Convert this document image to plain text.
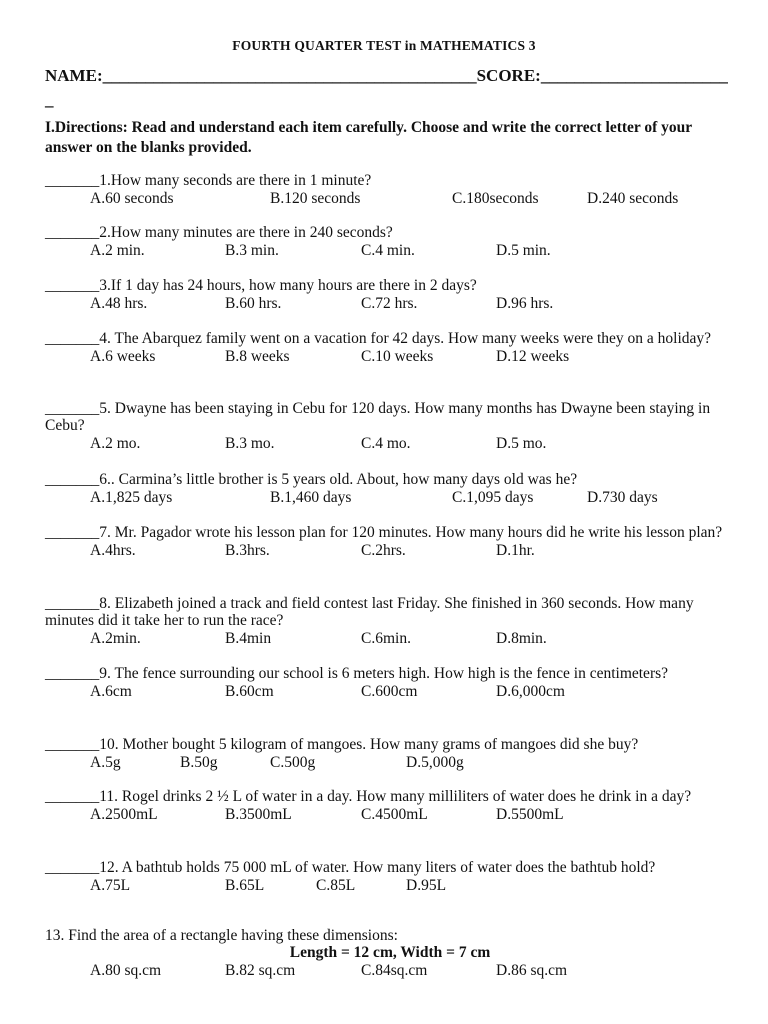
FOURTH QUARTER TEST in MATHEMATICS 3
NAME:____________________________________________SCORE:______________________
_
I.Directions: Read and understand each item carefully. Choose and write the correct letter of your answer on the blanks provided.
_______1.How many seconds are there in 1 minute?
A.60 seconds	B.120 seconds	C.180seconds	D.240 seconds
_______2.How many minutes are there in 240 seconds?
A.2 min.	B.3 min.	C.4 min.	D.5 min.
_______3.If 1 day has 24 hours, how many hours are there in 2 days?
A.48 hrs.	B.60 hrs.	C.72 hrs.	D.96 hrs.
_______4. The Abarquez family went on a vacation for 42 days. How many weeks were they on a holiday?
A.6 weeks	B.8 weeks	C.10 weeks	D.12 weeks
_______5. Dwayne has been staying in Cebu for 120 days. How many months has Dwayne been staying in Cebu?
A.2 mo.	B.3 mo.	C.4 mo.	D.5 mo.
_______6.. Carmina’s little brother is 5 years old. About, how many days old was he?
A.1,825 days	B.1,460 days	C.1,095 days	D.730 days
_______7. Mr. Pagador wrote his lesson plan for 120 minutes. How many hours did he write his lesson plan?
A.4hrs.	B.3hrs.	C.2hrs.	D.1hr.
_______8. Elizabeth joined a track and field contest last Friday. She finished in 360 seconds. How many minutes did it take her to run the race?
A.2min.	B.4min	C.6min.	D.8min.
_______9. The fence surrounding our school is 6 meters high. How high is the fence in centimeters?
A.6cm	B.60cm	C.600cm	D.6,000cm
_______10. Mother bought 5 kilogram of mangoes. How many grams of mangoes did she buy?
A.5g	B.50g	C.500g	D.5,000g
_______11. Rogel drinks 2 ½ L of water in a day. How many milliliters of water does he drink in a day?
A.2500mL	B.3500mL	C.4500mL	D.5500mL
_______12. A bathtub holds 75 000 mL of water. How many liters of water does the bathtub hold?
A.75L	B.65L	C.85L	D.95L
13. Find the area of a rectangle having these dimensions:
Length = 12 cm, Width = 7 cm
A.80 sq.cm	B.82 sq.cm	C.84sq.cm	D.86 sq.cm
